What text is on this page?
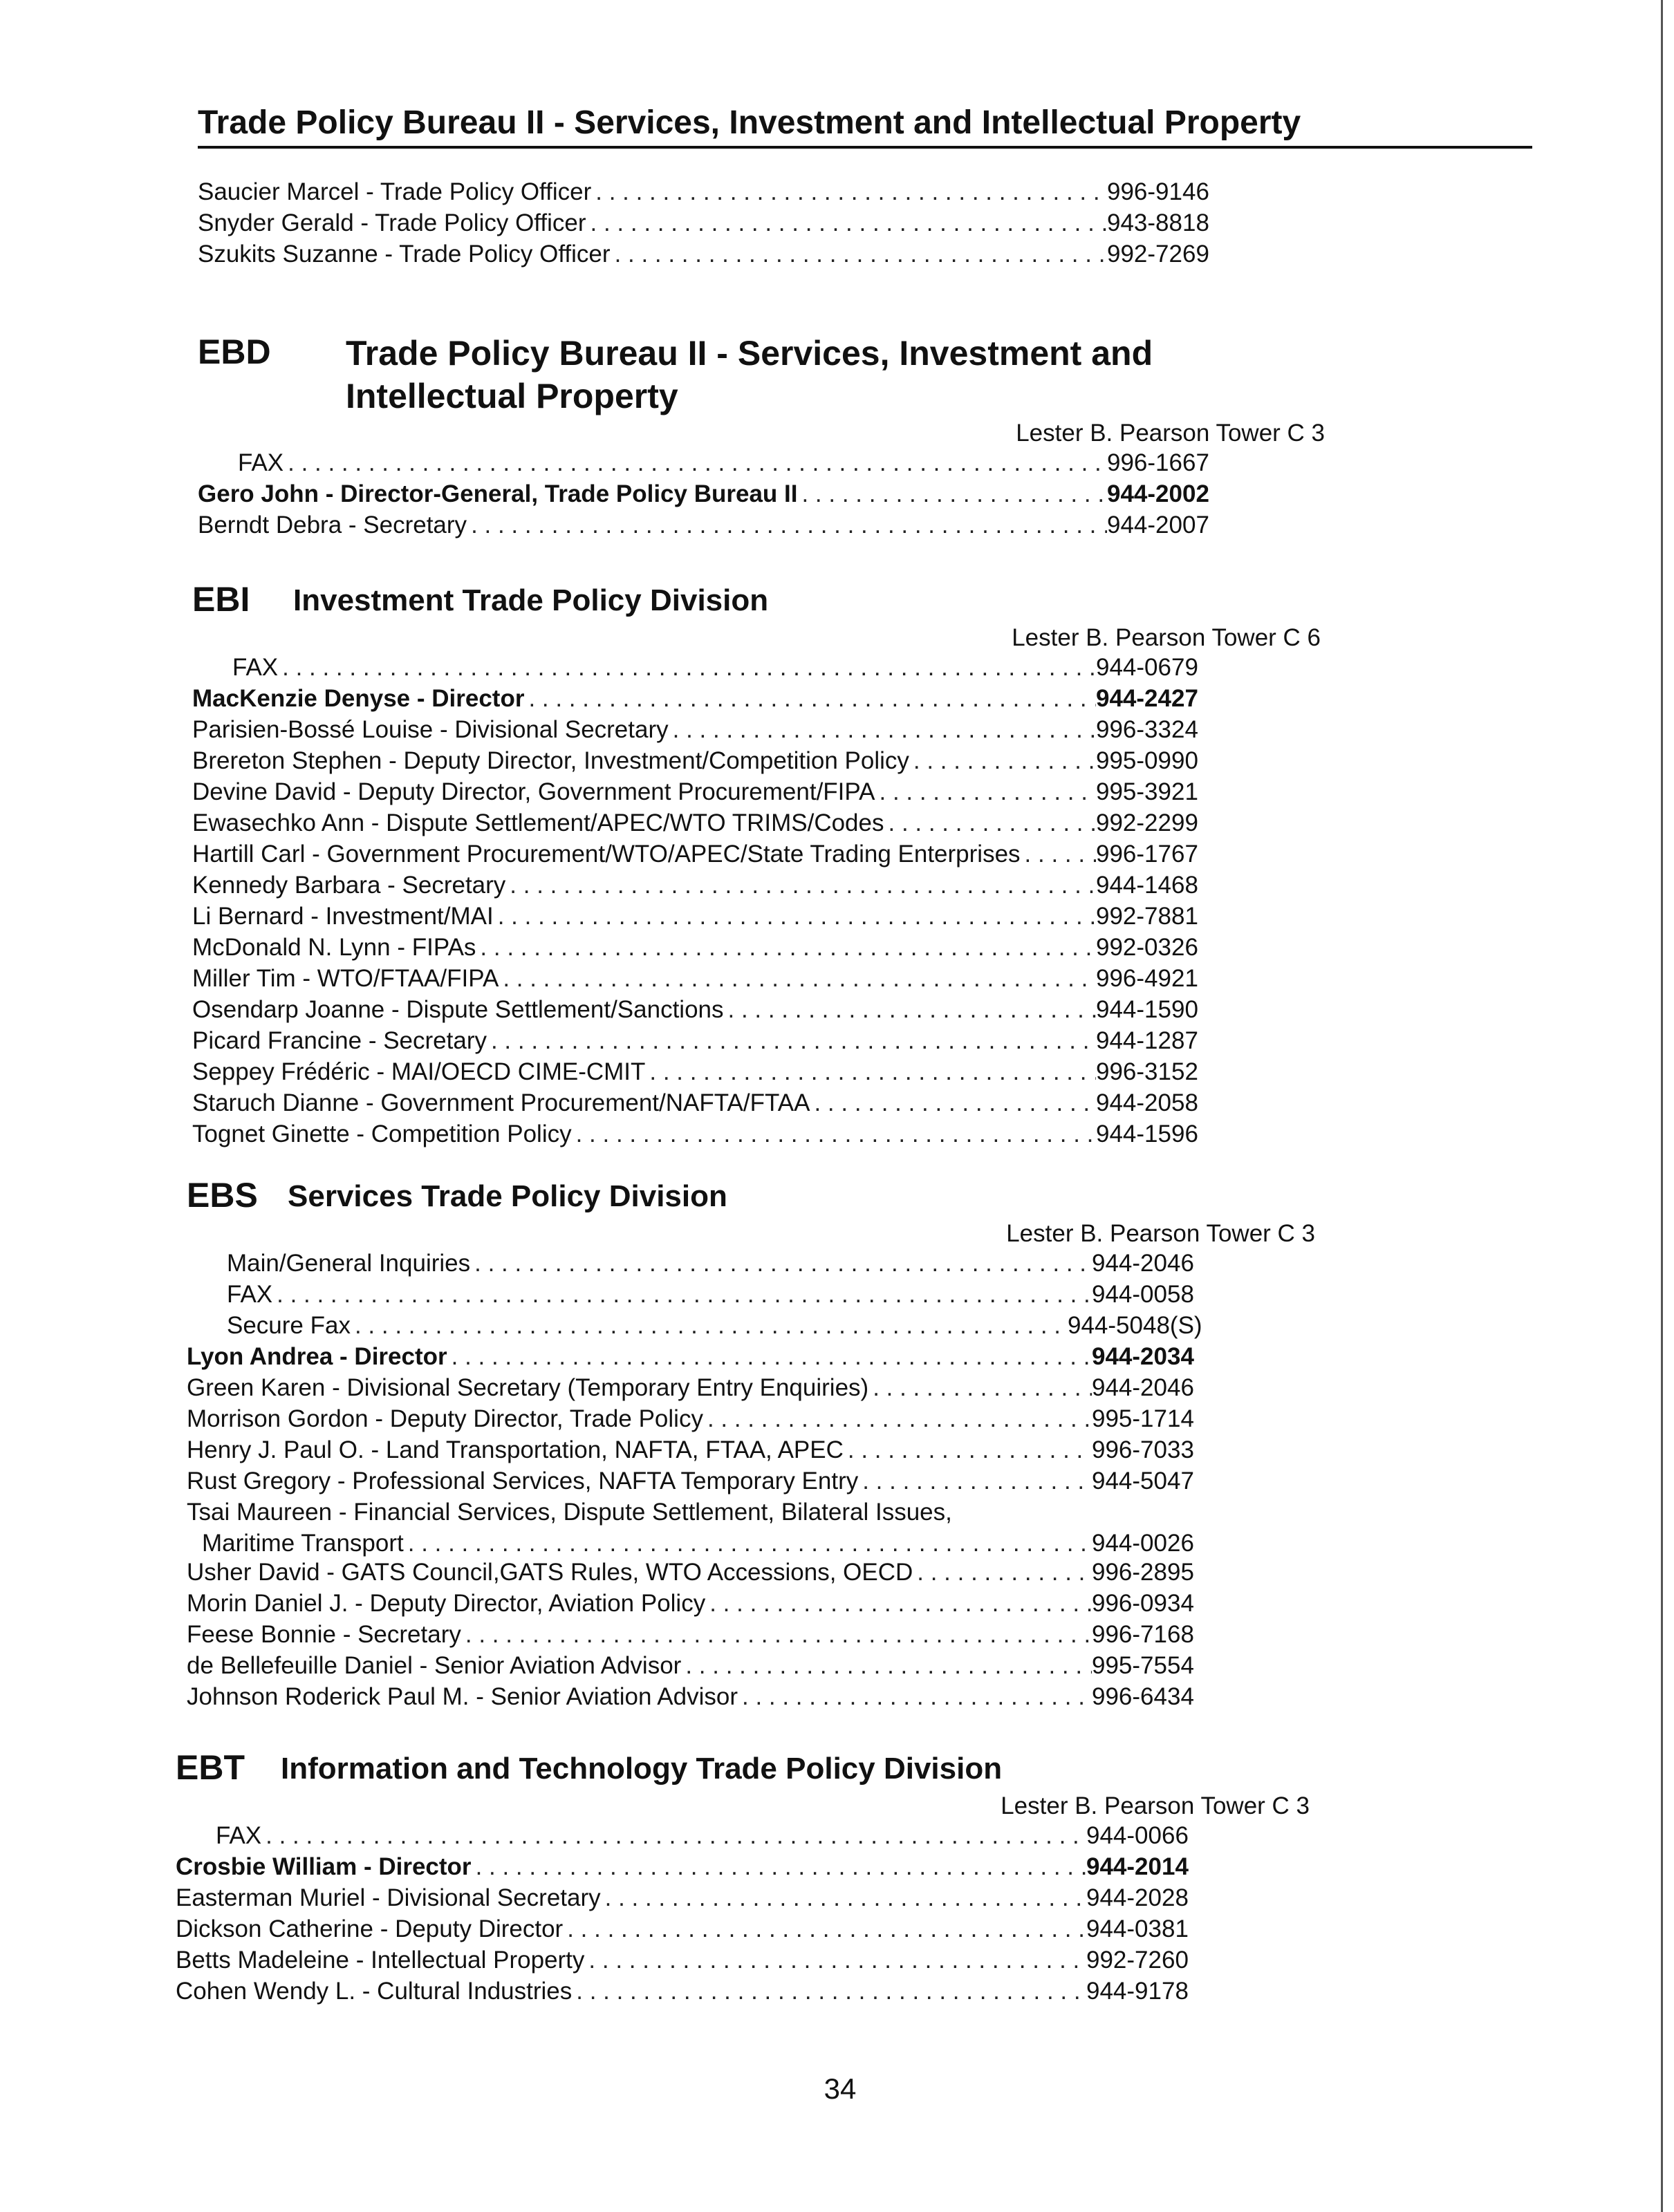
Trade Policy Bureau II - Services, Investment and Intellectual Property
Saucier Marcel - Trade Policy Officer . . .	996-9146
Snyder Gerald - Trade Policy Officer . . .	943-8818
Szukits Suzanne - Trade Policy Officer . . .	992-7269
EBD	Trade Policy Bureau II - Services, Investment and Intellectual Property
Lester B. Pearson Tower C 3
FAX . . .	996-1667
Gero John - Director-General, Trade Policy Bureau II . . .	944-2002
Berndt Debra - Secretary . . .	944-2007
EBI	Investment Trade Policy Division
Lester B. Pearson Tower C 6
FAX . . .	944-0679
MacKenzie Denyse - Director . . .	944-2427
Parisien-Bossé Louise - Divisional Secretary . . .	996-3324
Brereton Stephen - Deputy Director, Investment/Competition Policy . . .	995-0990
Devine David - Deputy Director, Government Procurement/FIPA . . .	995-3921
Ewasechko Ann - Dispute Settlement/APEC/WTO TRIMS/Codes . . .	992-2299
Hartill Carl - Government Procurement/WTO/APEC/State Trading Enterprises . . .	996-1767
Kennedy Barbara - Secretary . . .	944-1468
Li Bernard - Investment/MAI . . .	992-7881
McDonald N. Lynn - FIPAs . . .	992-0326
Miller Tim - WTO/FTAA/FIPA . . .	996-4921
Osendarp Joanne - Dispute Settlement/Sanctions . . .	944-1590
Picard Francine - Secretary . . .	944-1287
Seppey Frédéric - MAI/OECD CIME-CMIT . . .	996-3152
Staruch Dianne - Government Procurement/NAFTA/FTAA . . .	944-2058
Tognet Ginette - Competition Policy . . .	944-1596
EBS Services Trade Policy Division
Lester B. Pearson Tower C 3
Main/General Inquiries . . .	944-2046
FAX . . .	944-0058
Secure Fax . . .	944-5048(S)
Lyon Andrea - Director . . .	944-2034
Green Karen - Divisional Secretary (Temporary Entry Enquiries) . . .	944-2046
Morrison Gordon - Deputy Director, Trade Policy . . .	995-1714
Henry J. Paul O. - Land Transportation, NAFTA, FTAA, APEC . . .	996-7033
Rust Gregory - Professional Services, NAFTA Temporary Entry . . .	944-5047
Tsai Maureen - Financial Services, Dispute Settlement, Bilateral Issues,
Maritime Transport . . .	944-0026
Usher David - GATS Council,GATS Rules, WTO Accessions, OECD . . .	996-2895
Morin Daniel J. - Deputy Director, Aviation Policy . . .	996-0934
Feese Bonnie - Secretary . . .	996-7168
de Bellefeuille Daniel - Senior Aviation Advisor . . .	995-7554
Johnson Roderick Paul M. - Senior Aviation Advisor . . .	996-6434
EBT	Information and Technology Trade Policy Division
Lester B. Pearson Tower C 3
FAX . . .	944-0066
Crosbie William - Director . . .	944-2014
Easterman Muriel - Divisional Secretary . . .	944-2028
Dickson Catherine - Deputy Director . . .	944-0381
Betts Madeleine - Intellectual Property . . .	992-7260
Cohen Wendy L. - Cultural Industries . . .	944-9178
34
